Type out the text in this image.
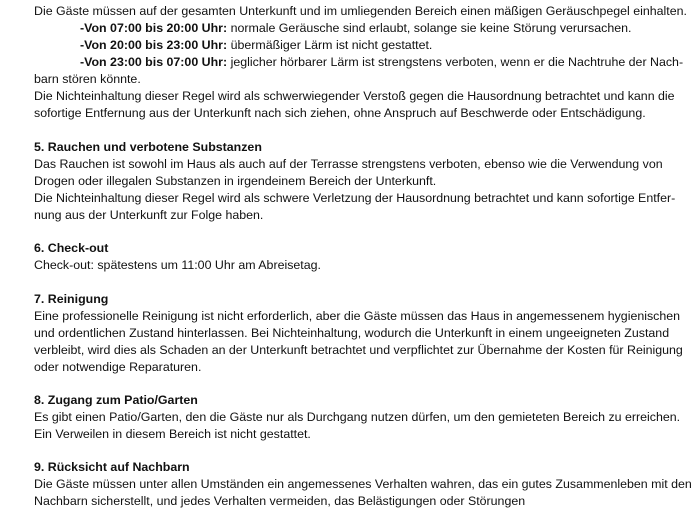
Die Gäste müssen auf der gesamten Unterkunft und im umliegenden Bereich einen mäßigen Geräuschpegel einhalten.
-Von 07:00 bis 20:00 Uhr: normale Geräusche sind erlaubt, solange sie keine Störung verursachen.
-Von 20:00 bis 23:00 Uhr: übermäßiger Lärm ist nicht gestattet.
-Von 23:00 bis 07:00 Uhr: jeglicher hörbarer Lärm ist strengstens verboten, wenn er die Nachtruhe der Nach-
barn stören könnte.
Die Nichteinhaltung dieser Regel wird als schwerwiegender Verstoß gegen die Hausordnung betrachtet und kann die
sofortige Entfernung aus der Unterkunft nach sich ziehen, ohne Anspruch auf Beschwerde oder Entschädigung.
5. Rauchen und verbotene Substanzen
Das Rauchen ist sowohl im Haus als auch auf der Terrasse strengstens verboten, ebenso wie die Verwendung von
Drogen oder illegalen Substanzen in irgendeinem Bereich der Unterkunft.
Die Nichteinhaltung dieser Regel wird als schwere Verletzung der Hausordnung betrachtet und kann sofortige Entfer-
nung aus der Unterkunft zur Folge haben.
6. Check-out
Check-out: spätestens um 11:00 Uhr am Abreisetag.
7. Reinigung
Eine professionelle Reinigung ist nicht erforderlich, aber die Gäste müssen das Haus in angemessenem hygienischen
und ordentlichen Zustand hinterlassen. Bei Nichteinhaltung, wodurch die Unterkunft in einem ungeeigneten Zustand
verbleibt, wird dies als Schaden an der Unterkunft betrachtet und verpflichtet zur Übernahme der Kosten für Reinigung
oder notwendige Reparaturen.
8. Zugang zum Patio/Garten
Es gibt einen Patio/Garten, den die Gäste nur als Durchgang nutzen dürfen, um den gemieteten Bereich zu erreichen.
Ein Verweilen in diesem Bereich ist nicht gestattet.
9. Rücksicht auf Nachbarn
Die Gäste müssen unter allen Umständen ein angemessenes Verhalten wahren, das ein gutes Zusammenleben mit den
Nachbarn sicherstellt, und jedes Verhalten vermeiden, das Belästigungen oder Störungen
